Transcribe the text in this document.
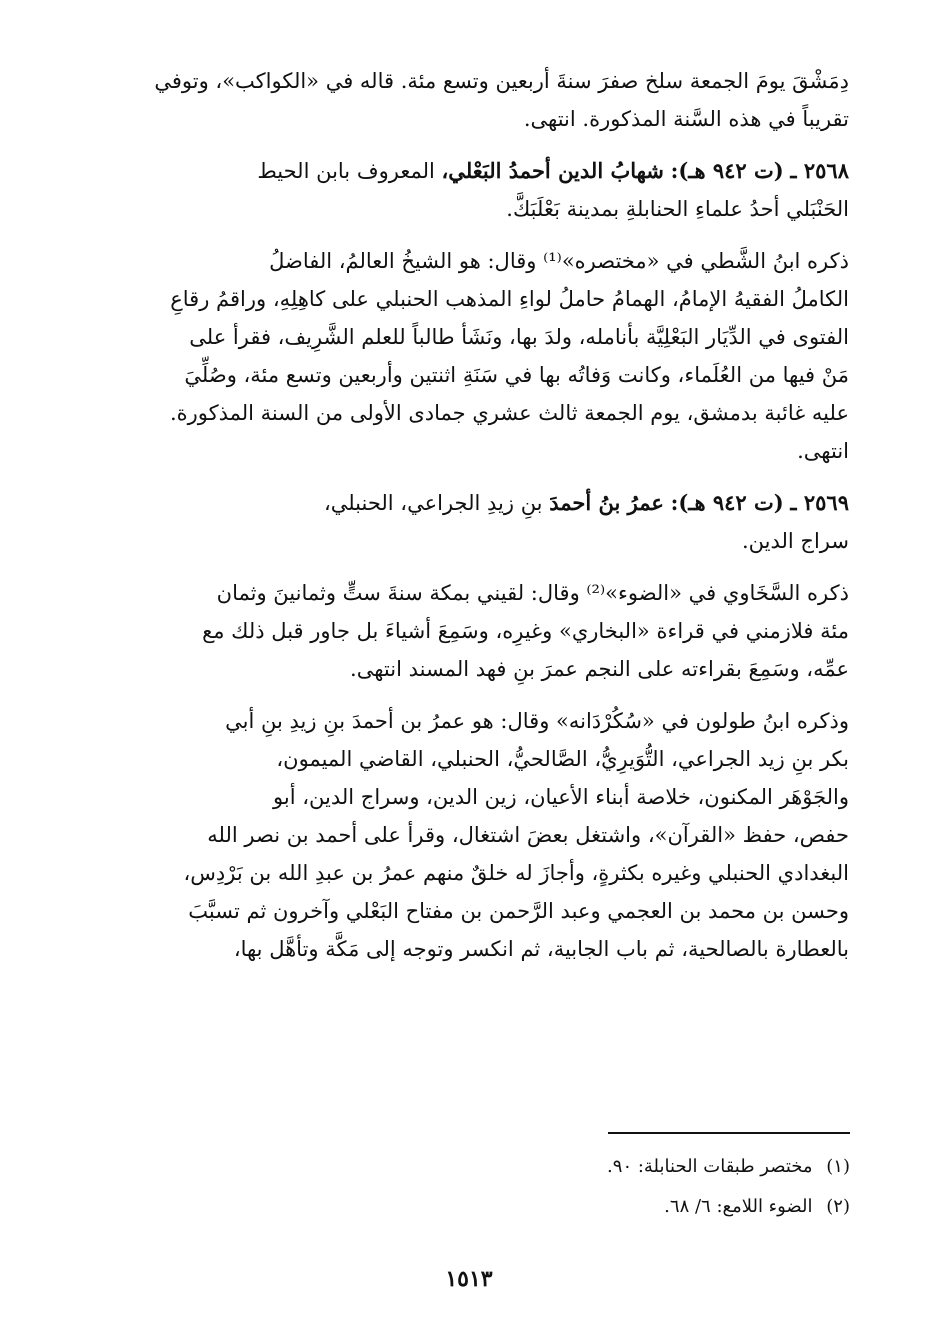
دِمَشْقَ يومَ الجمعة سلخ صفرَ سنةَ أربعين وتسع مئة. قاله في «الكواكب»، وتوفي
تقريباً في هذه السَّنة المذكورة. انتهى.

٢٥٦٨ ـ (ت ٩٤٢ هـ): شهابُ الدين أحمدُ البَعْلي، المعروف بابن الحيط
الحَنْبَلي أحدُ علماءِ الحنابلةِ بمدينة بَعْلَبَكَّ.

ذكره ابنُ الشَّطي في «مختصره»⁽¹⁾ وقال: هو الشيخُ العالمُ، الفاضلُ
الكاملُ الفقيهُ الإمامُ، الهمامُ حاملُ لواءِ المذهب الحنبلي على كاهِلِهِ، وراقمُ رقاعِ
الفتوى في الدِّيَار البَعْلِيَّة بأنامله، ولدَ بها، ونَشَأ طالباً للعلم الشَّرِيف، فقرأ على
مَنْ فيها من العُلَماء، وكانت وَفاتُه بها في سَنَةِ اثنتين وأربعين وتسع مئة، وصُلِّيَ
عليه غائبة بدمشق، يوم الجمعة ثالث عشري جمادى الأولى من السنة المذكورة.
انتهى.

٢٥٦٩ ـ (ت ٩٤٢ هـ): عمرُ بنُ أحمدَ بنِ زيدِ الجراعي، الحنبلي،
سراج الدين.

ذكره السَّخَاوي في «الضوء»⁽²⁾ وقال: لقيني بمكة سنةَ ستٍّ وثمانينَ وثمان
مئة فلازمني في قراءة «البخاري» وغيرِه، وسَمِعَ أشياءَ بل جاور قبل ذلك مع
عمِّه، وسَمِعَ بقراءته على النجم عمرَ بنِ فهد المسند انتهى.

وذكره ابنُ طولون في «سُكُرْدَانه» وقال: هو عمرُ بن أحمدَ بنِ زيدِ بنِ أبي
بكر بنِ زيد الجراعي، التُّوَيرِيُّ، الصَّالحيُّ، الحنبلي، القاضي الميمون،
والجَوْهَر المكنون، خلاصة أبناء الأعيان، زين الدين، وسراج الدين، أبو
حفص، حفظ «القرآن»، واشتغل بعضَ اشتغال، وقرأ على أحمد بن نصر الله
البغدادي الحنبلي وغيره بكثرةٍ، وأجازَ له خلقٌ منهم عمرُ بن عبدِ الله بن بَرْدِس،
وحسن بن محمد بن العجمي وعبد الرَّحمن بن مفتاح البَعْلي وآخرون ثم تسبَّبَ
بالعطارة بالصالحية، ثم باب الجابية، ثم انكسر وتوجه إلى مَكَّة وتأهَّل بها،

(١) مختصر طبقات الحنابلة: ٩٠.
(٢) الضوء اللامع: ٦/ ٦٨.
١٥١٣
